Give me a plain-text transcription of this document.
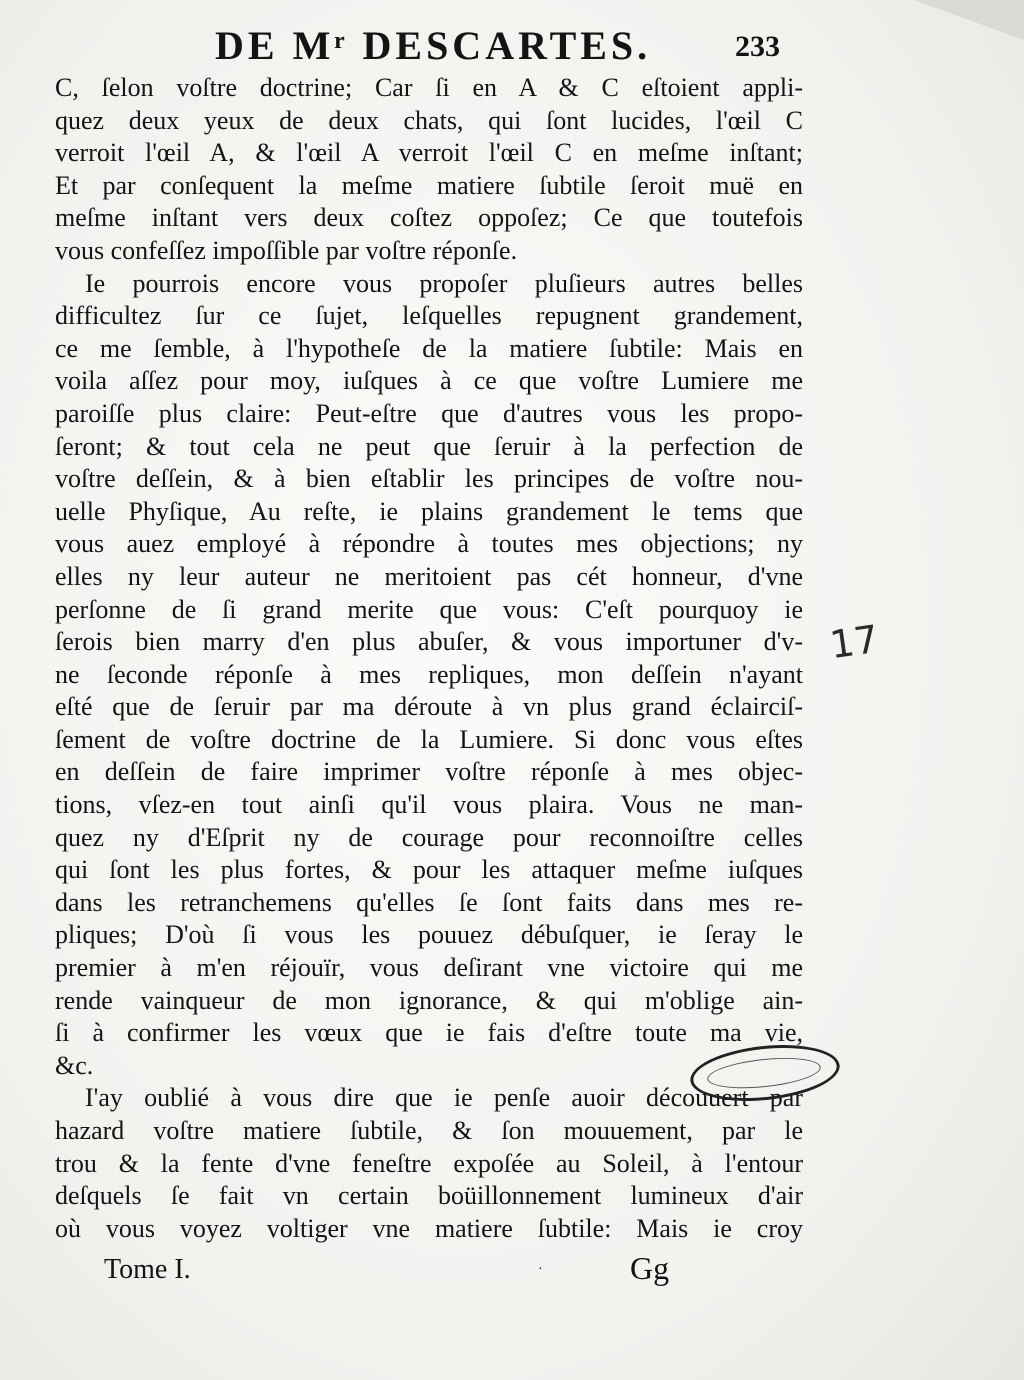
DE Mʳ DESCARTES.	233
C, ſelon voſtre doctrine; Car ſi en A & C eſtoient appli-
quez deux yeux de deux chats, qui ſont lucides, l'œil C
verroit l'œil A, & l'œil A verroit l'œil C en meſme inſtant;
Et par conſequent la meſme matiere ſubtile ſeroit muë en
meſme inſtant vers deux coſtez oppoſez; Ce que toutefois
vous confeſſez impoſſible par voſtre réponſe.
Ie pourrois encore vous propoſer pluſieurs autres belles
difficultez ſur ce ſujet, leſquelles repugnent grandement,
ce me ſemble, à l'hypotheſe de la matiere ſubtile: Mais en
voila aſſez pour moy, iuſques à ce que voſtre Lumiere me
paroiſſe plus claire: Peut-eſtre que d'autres vous les propo-
ſeront; & tout cela ne peut que ſeruir à la perfection de
voſtre deſſein, & à bien eſtablir les principes de voſtre nou-
uelle Phyſique, Au reſte, ie plains grandement le tems que
vous auez employé à répondre à toutes mes objections; ny
elles ny leur auteur ne meritoient pas cét honneur, d'vne
perſonne de ſi grand merite que vous: C'eſt pourquoy ie
ſerois bien marry d'en plus abuſer, & vous importuner d'v-
ne ſeconde réponſe à mes repliques, mon deſſein n'ayant
eſté que de ſeruir par ma déroute à vn plus grand éclairciſ-
ſement de voſtre doctrine de la Lumiere. Si donc vous eſtes
en deſſein de faire imprimer voſtre réponſe à mes objec-
tions, vſez-en tout ainſi qu'il vous plaira. Vous ne man-
quez ny d'Eſprit ny de courage pour reconnoiſtre celles
qui ſont les plus fortes, & pour les attaquer meſme iuſques
dans les retranchemens qu'elles ſe ſont faits dans mes re-
pliques; D'où ſi vous les pouuez débuſquer, ie ſeray le
premier à m'en réjouïr, vous deſirant vne victoire qui me
rende vainqueur de mon ignorance, & qui m'oblige ain-
ſi à confirmer les vœux que ie fais d'eſtre toute ma vie,
&c.
I'ay oublié à vous dire que ie penſe auoir découuert par
hazard voſtre matiere ſubtile, & ſon mouuement, par le
trou & la fente d'vne feneſtre expoſée au Soleil, à l'entour
deſquels ſe fait vn certain boüillonnement lumineux d'air
où vous voyez voltiger vne matiere ſubtile: Mais ie croy
17
Tome I.	·	Gg
